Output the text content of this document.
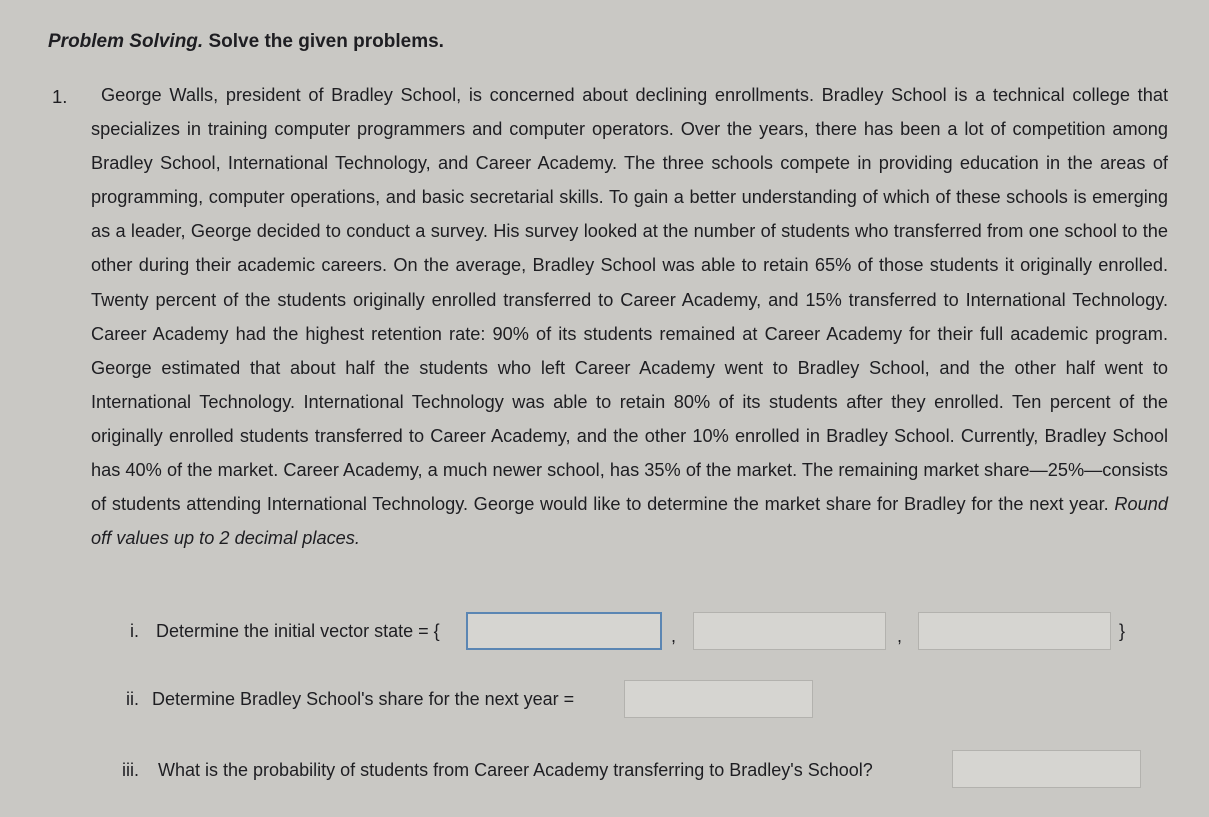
Problem Solving. Solve the given problems.
1.	George Walls, president of Bradley School, is concerned about declining enrollments. Bradley School is a technical college that specializes in training computer programmers and computer operators. Over the years, there has been a lot of competition among Bradley School, International Technology, and Career Academy. The three schools compete in providing education in the areas of programming, computer operations, and basic secretarial skills. To gain a better understanding of which of these schools is emerging as a leader, George decided to conduct a survey. His survey looked at the number of students who transferred from one school to the other during their academic careers. On the average, Bradley School was able to retain 65% of those students it originally enrolled. Twenty percent of the students originally enrolled transferred to Career Academy, and 15% transferred to International Technology. Career Academy had the highest retention rate: 90% of its students remained at Career Academy for their full academic program. George estimated that about half the students who left Career Academy went to Bradley School, and the other half went to International Technology. International Technology was able to retain 80% of its students after they enrolled. Ten percent of the originally enrolled students transferred to Career Academy, and the other 10% enrolled in Bradley School. Currently, Bradley School has 40% of the market. Career Academy, a much newer school, has 35% of the market. The remaining market share—25%—consists of students attending International Technology. George would like to determine the market share for Bradley for the next year. Round off values up to 2 decimal places.
i. Determine the initial vector state = {	,	,	}
ii. Determine Bradley School's share for the next year =
iii. What is the probability of students from Career Academy transferring to Bradley's School?
